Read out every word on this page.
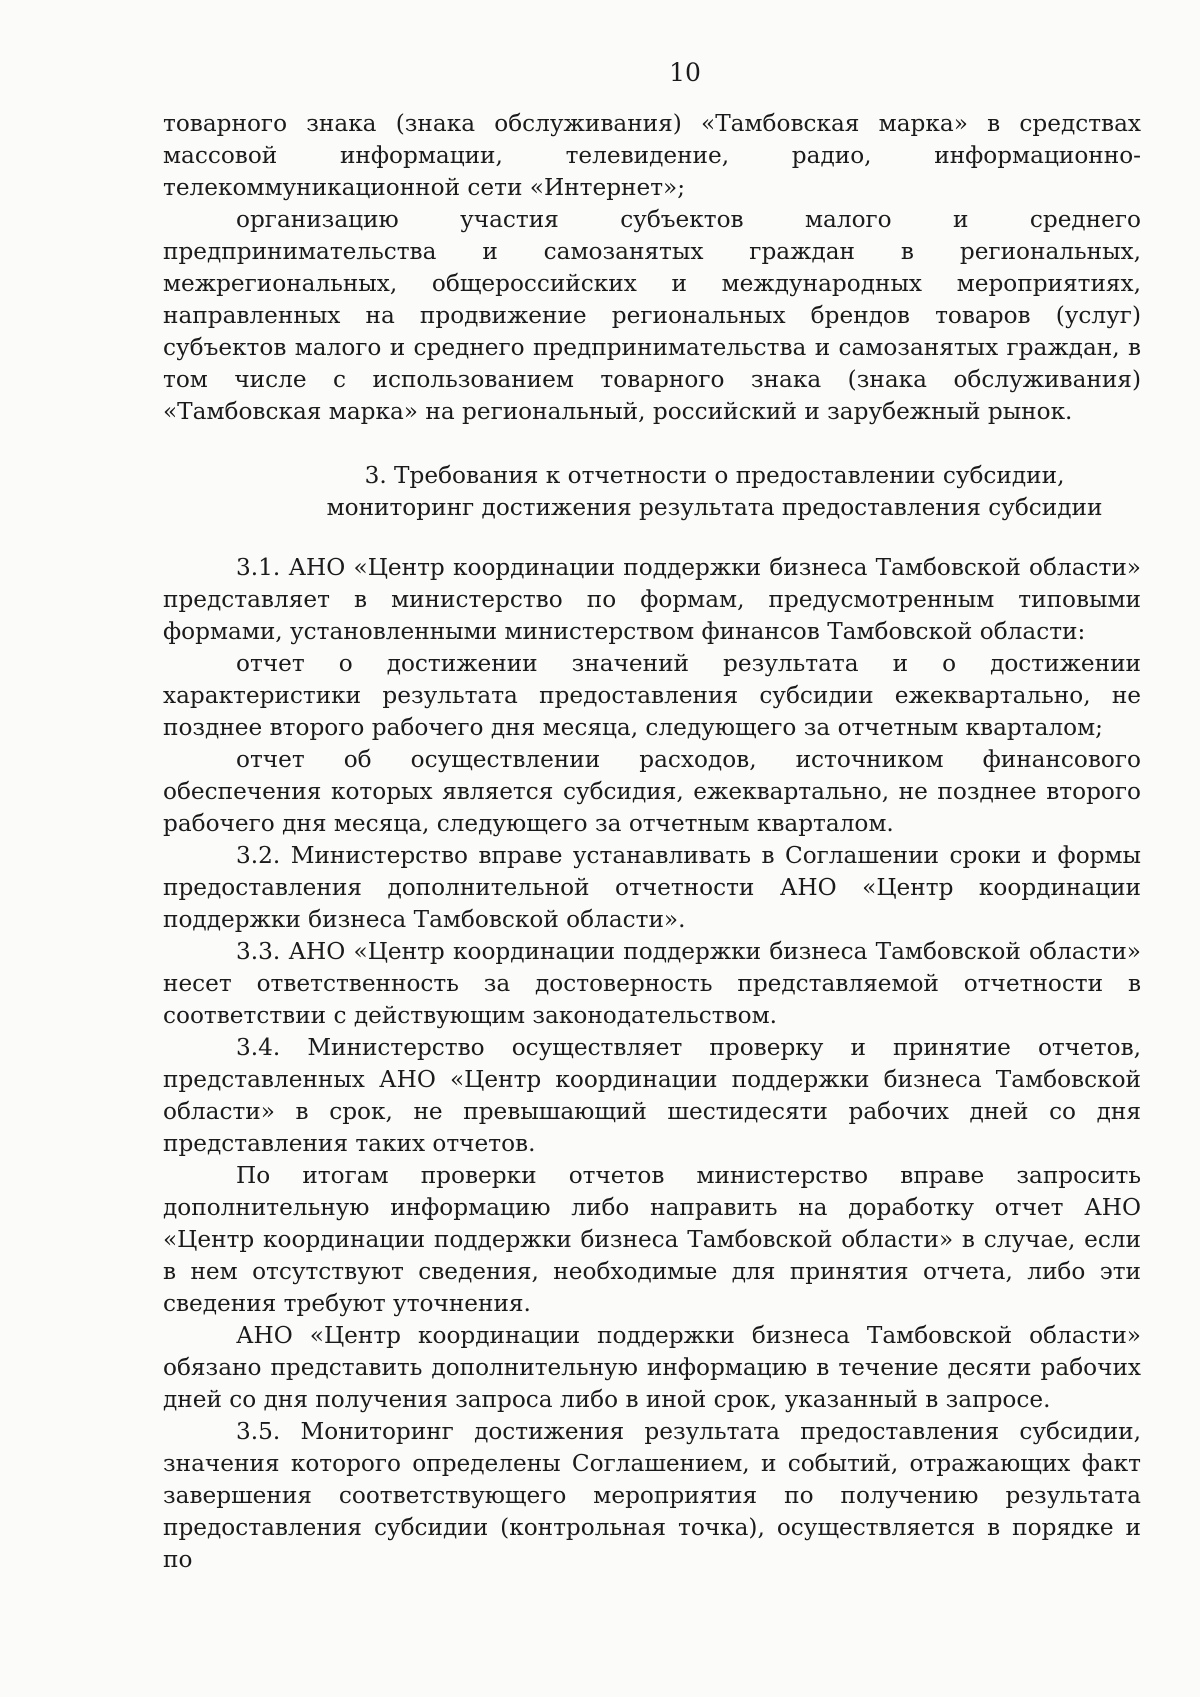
10

товарного знака (знака обслуживания) «Тамбовская марка» в средствах массовой информации, телевидение, радио, информационно-телекоммуникационной сети «Интернет»;

организацию участия субъектов малого и среднего предпринимательства и самозанятых граждан в региональных, межрегиональных, общероссийских и международных мероприятиях, направленных на продвижение региональных брендов товаров (услуг) субъектов малого и среднего предпринимательства и самозанятых граждан, в том числе с использованием товарного знака (знака обслуживания) «Тамбовская марка» на региональный, российский и зарубежный рынок.

3. Требования к отчетности о предоставлении субсидии,
мониторинг достижения результата предоставления субсидии

3.1. АНО «Центр координации поддержки бизнеса Тамбовской области» представляет в министерство по формам, предусмотренным типовыми формами, установленными министерством финансов Тамбовской области:

отчет о достижении значений результата и о достижении характеристики результата предоставления субсидии ежеквартально, не позднее второго рабочего дня месяца, следующего за отчетным кварталом;

отчет об осуществлении расходов, источником финансового обеспечения которых является субсидия, ежеквартально, не позднее второго рабочего дня месяца, следующего за отчетным кварталом.

3.2. Министерство вправе устанавливать в Соглашении сроки и формы предоставления дополнительной отчетности АНО «Центр координации поддержки бизнеса Тамбовской области».

3.3. АНО «Центр координации поддержки бизнеса Тамбовской области» несет ответственность за достоверность представляемой отчетности в соответствии с действующим законодательством.

3.4. Министерство осуществляет проверку и принятие отчетов, представленных АНО «Центр координации поддержки бизнеса Тамбовской области» в срок, не превышающий шестидесяти рабочих дней со дня представления таких отчетов.

По итогам проверки отчетов министерство вправе запросить дополнительную информацию либо направить на доработку отчет АНО «Центр координации поддержки бизнеса Тамбовской области» в случае, если в нем отсутствуют сведения, необходимые для принятия отчета, либо эти сведения требуют уточнения.

АНО «Центр координации поддержки бизнеса Тамбовской области» обязано представить дополнительную информацию в течение десяти рабочих дней со дня получения запроса либо в иной срок, указанный в запросе.

3.5. Мониторинг достижения результата предоставления субсидии, значения которого определены Соглашением, и событий, отражающих факт завершения соответствующего мероприятия по получению результата предоставления субсидии (контрольная точка), осуществляется в порядке и по
